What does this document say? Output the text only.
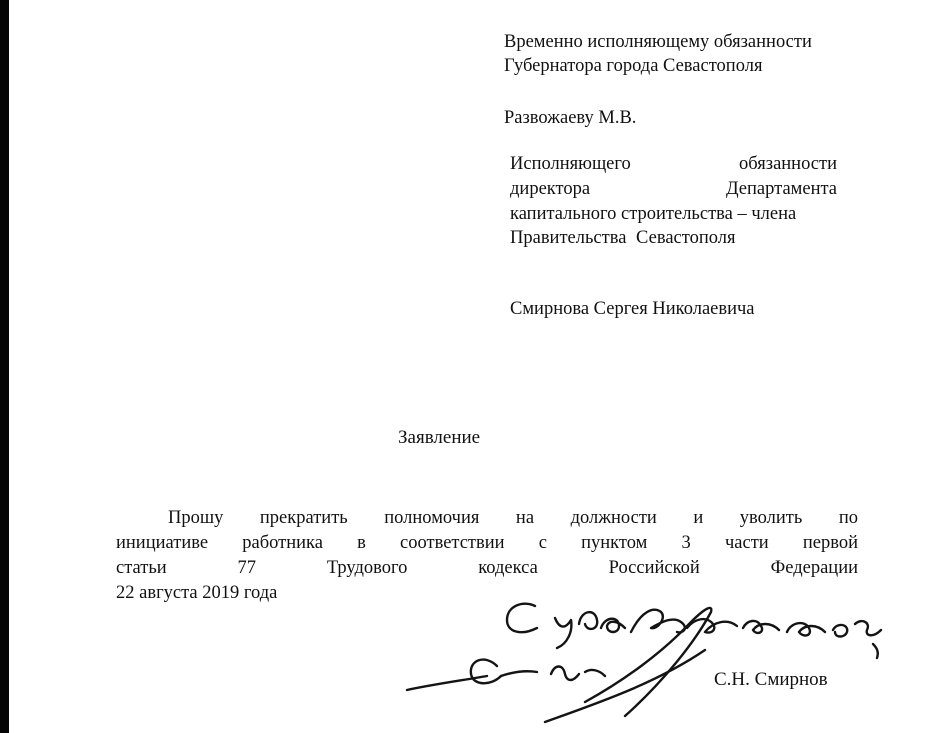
Временно исполняющему обязанности
Губернатора города Севастополя
Развожаеву М.В.
Исполняющего обязанности
директора Департамента
капитального строительства – члена
Правительства Севастополя
Смирнова Сергея Николаевича
Заявление
Прошу прекратить полномочия на должности и уволить по
инициативе работника в соответствии с пунктом 3 части первой
статьи 77 Трудового кодекса Российской Федерации
22 августа 2019 года
С.Н. Смирнов
